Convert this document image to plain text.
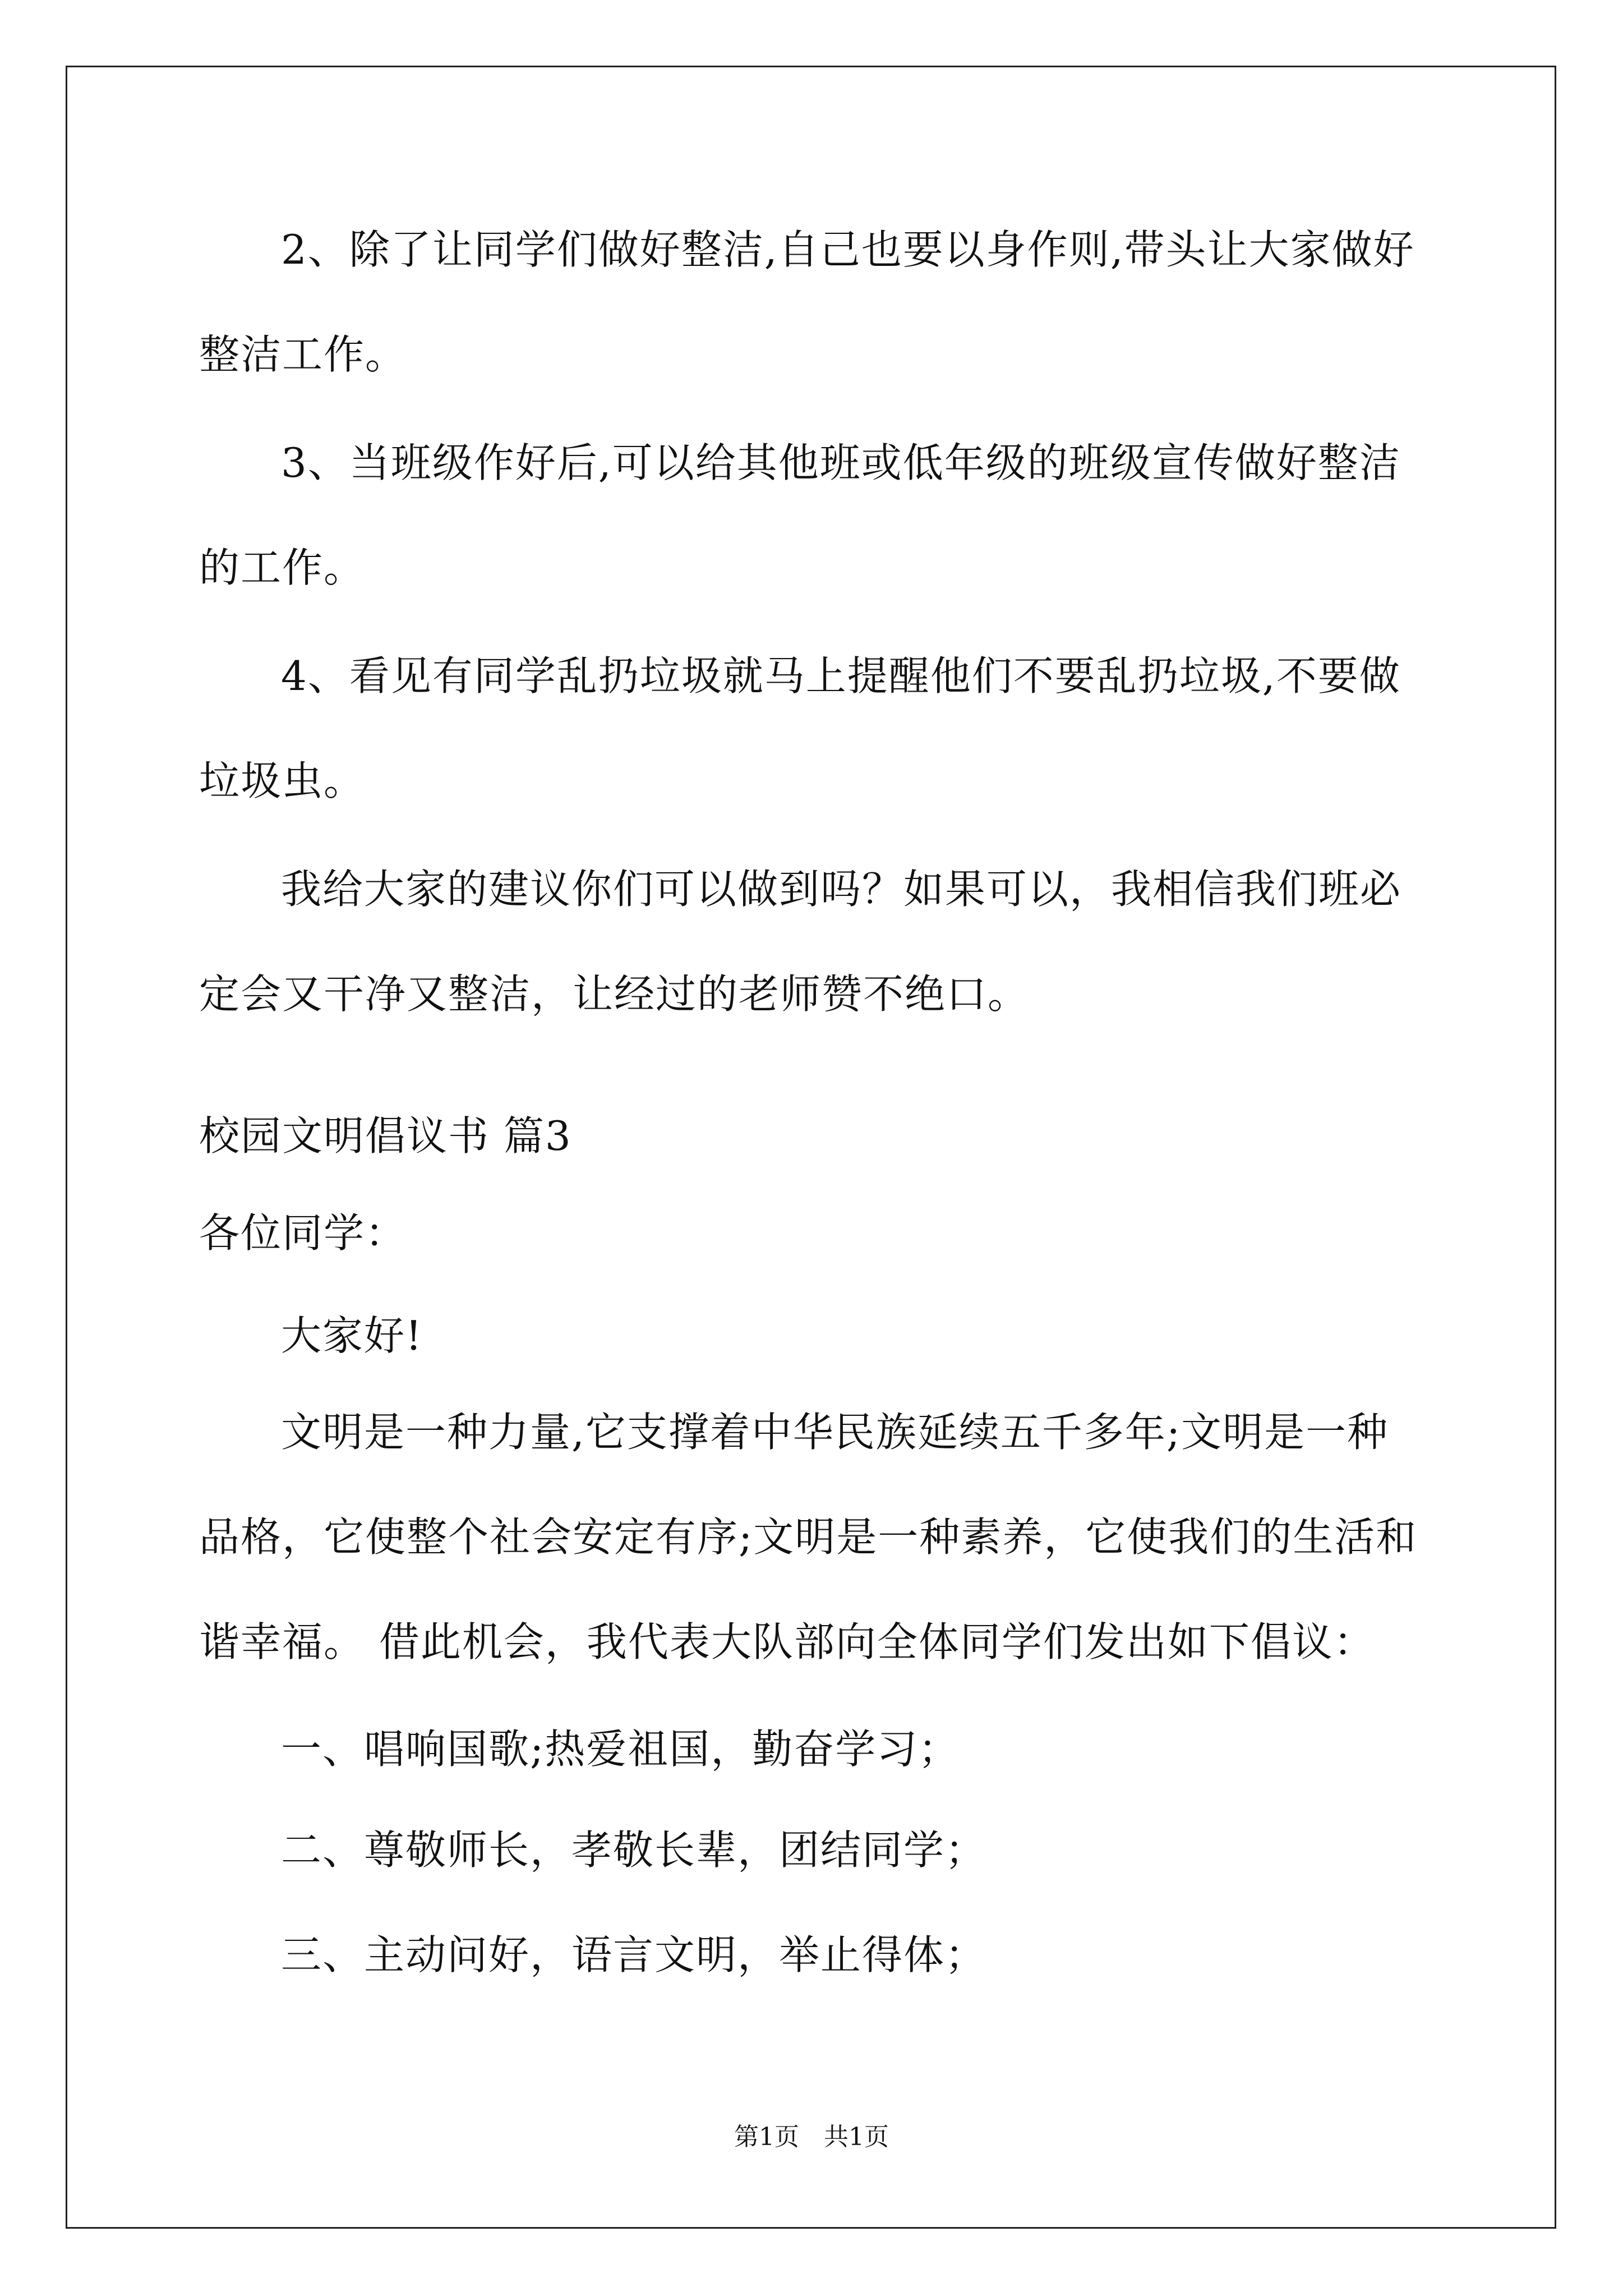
2、除了让同学们做好整洁,自己也要以身作则,带头让大家做好整洁工作。

3、当班级作好后,可以给其他班或低年级的班级宣传做好整洁的工作。

4、看见有同学乱扔垃圾就马上提醒他们不要乱扔垃圾,不要做垃圾虫。

我给大家的建议你们可以做到吗？如果可以，我相信我们班必定会又干净又整洁，让经过的老师赞不绝口。

校园文明倡议书 篇3

各位同学：

大家好!

文明是一种力量,它支撑着中华民族延续五千多年;文明是一种品格，它使整个社会安定有序;文明是一种素养，它使我们的生活和谐幸福。 借此机会，我代表大队部向全体同学们发出如下倡议：

一、唱响国歌;热爱祖国，勤奋学习；

二、尊敬师长，孝敬长辈，团结同学；

三、主动问好，语言文明，举止得体；

第1页　共1页
